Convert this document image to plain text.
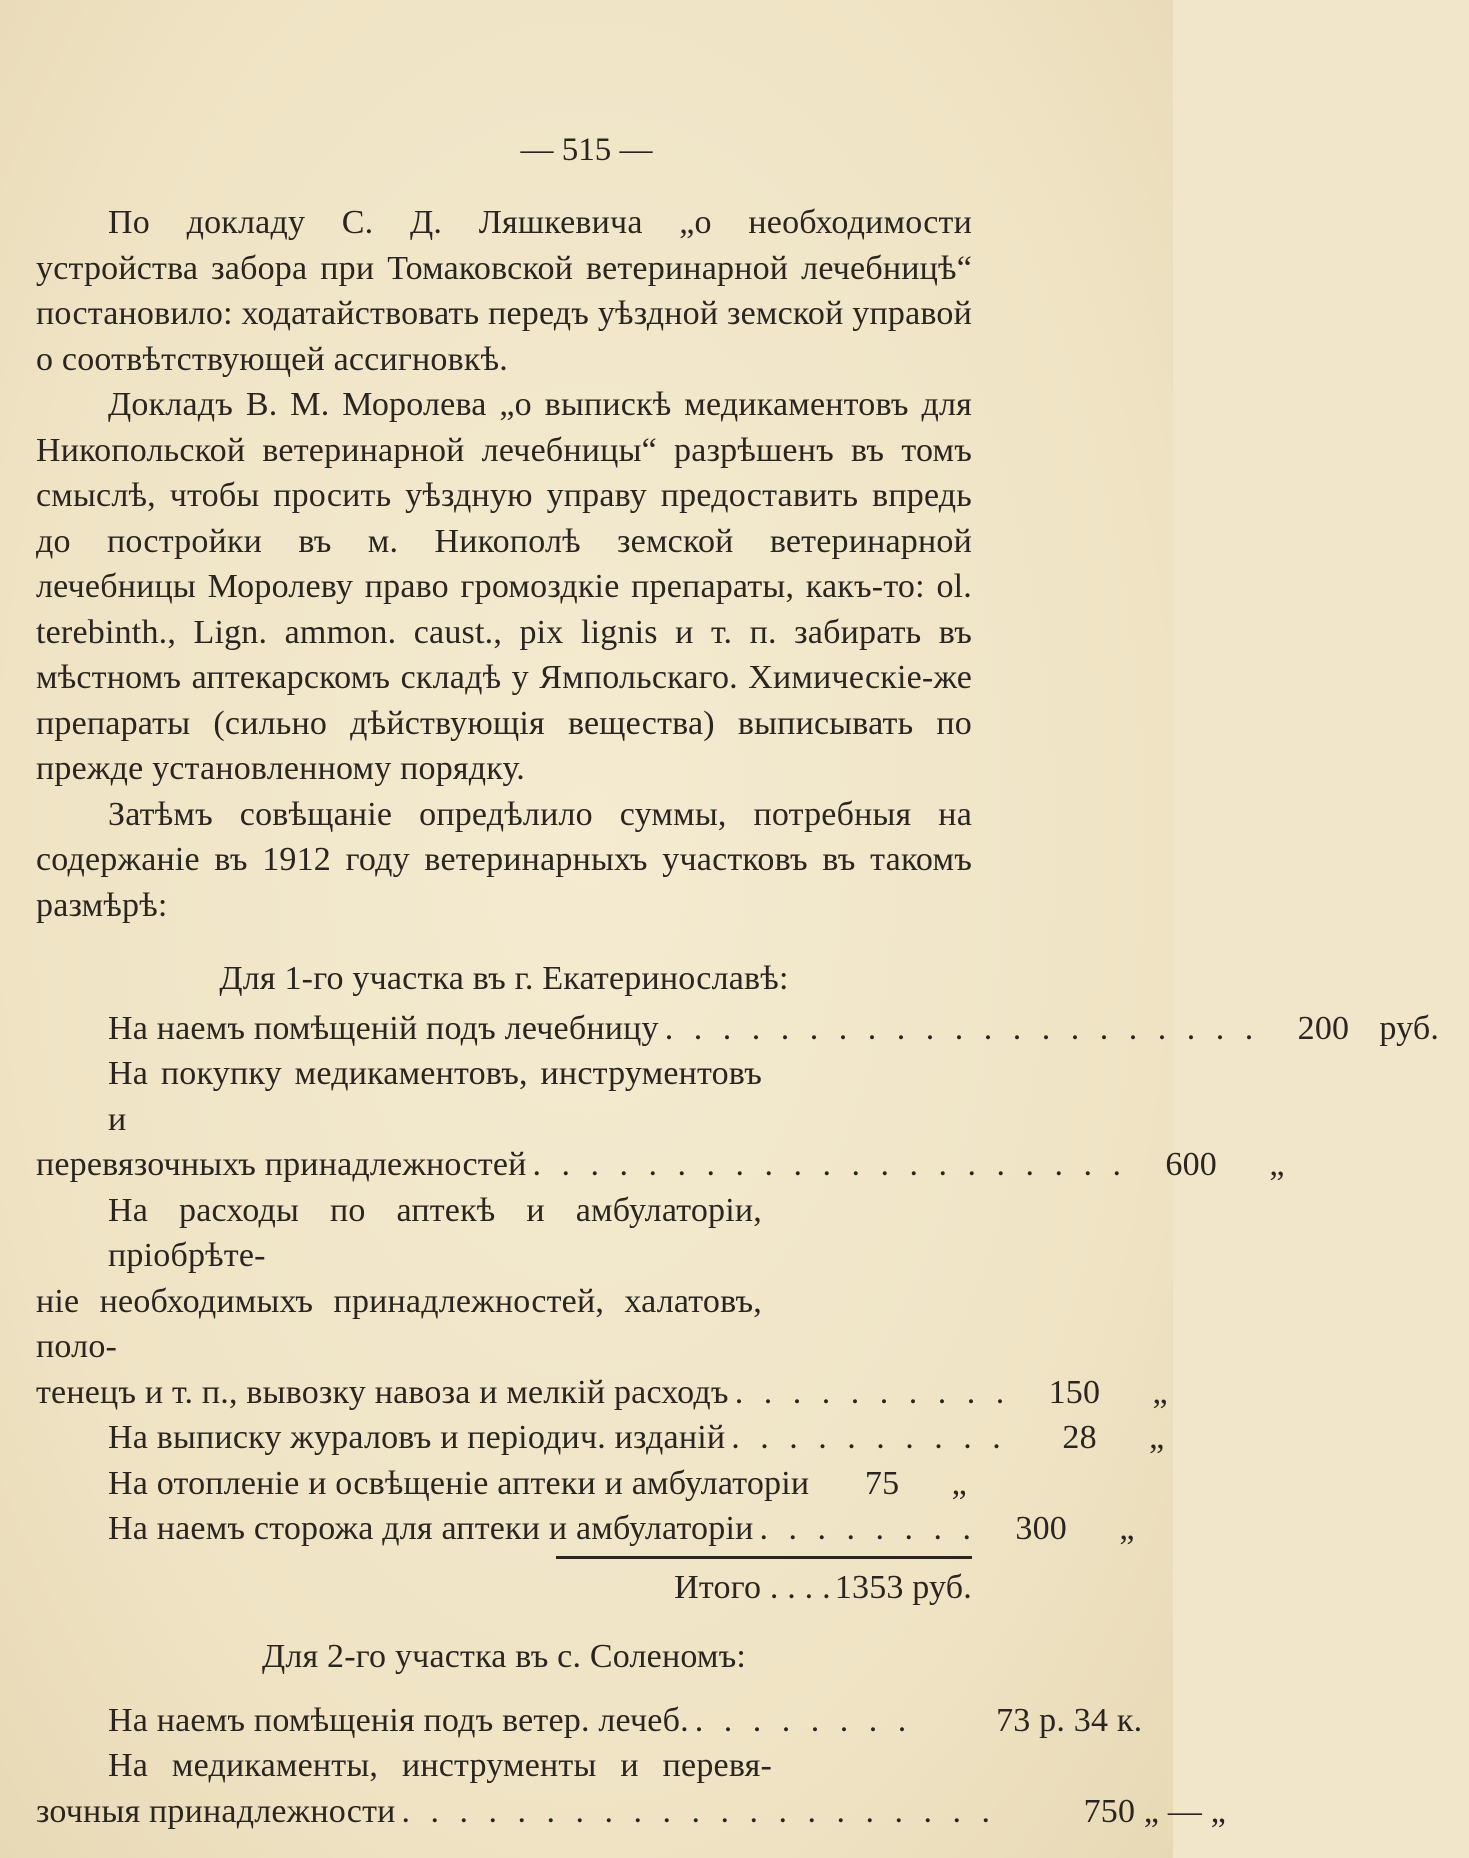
— 515 —

По докладу С. Д. Ляшкевича „о необходимости устройства забора при Томаковской ветеринарной лечебницѣ“ постановило: ходатайствовать передъ уѣздной земской управой о соотвѣтствующей ассигновкѣ.

Докладъ В. М. Моролева „о выпискѣ медикаментовъ для Никопольской ветеринарной лечебницы“ разрѣшенъ въ томъ смыслѣ, чтобы просить уѣздную управу предоставить впредь до постройки въ м. Никополѣ земской ветеринарной лечебницы Моролеву право громоздкіе препараты, какъ-то: ol. terebinth., Lign. ammon. caust., pix lignis и т. п. забирать въ мѣстномъ аптекарскомъ складѣ у Ямпольскаго. Химическіе-же препараты (сильно дѣйствующія вещества) выписывать по прежде установленному порядку.

Затѣмъ совѣщаніе опредѣлило суммы, потребныя на содержаніе въ 1912 году ветеринарныхъ участковъ въ такомъ размѣрѣ:

Для 1-го участка въ г. Екатеринославѣ:
На наемъ помѣщеній подъ лечебницу . . . . . . . . . . . . . . . . . . . . .	200 руб.
На покупку медикаментовъ, инструментовъ и
перевязочныхъ принадлежностей . . . . . . . . . . . . . . . . . . . . .	600	„
На расходы по аптекѣ и амбулаторіи, пріобрѣте-
ніе необходимыхъ принадлежностей, халатовъ, поло-
тенецъ и т. п., вывозку навоза и мелкій расходъ . . . . . . . . . .	150	„
На выписку жураловъ и періодич. изданій . . . . . . . . . .	28	„
На отопленіе и освѣщеніе аптеки и амбулаторіи	75	„
На наемъ сторожа для аптеки и амбулаторіи . . . . . . . .	300	„
Итого . . . . 1353 руб.
Для 2-го участка въ с. Соленомъ:
На наемъ помѣщенія подъ ветер. лечеб. . . . . . . . .	73 р. 34 к.
На медикаменты, инструменты и перевя-
зочныя принадлежности . . . . . . . . . . . . . . . . . . . . .	750 „ — „
